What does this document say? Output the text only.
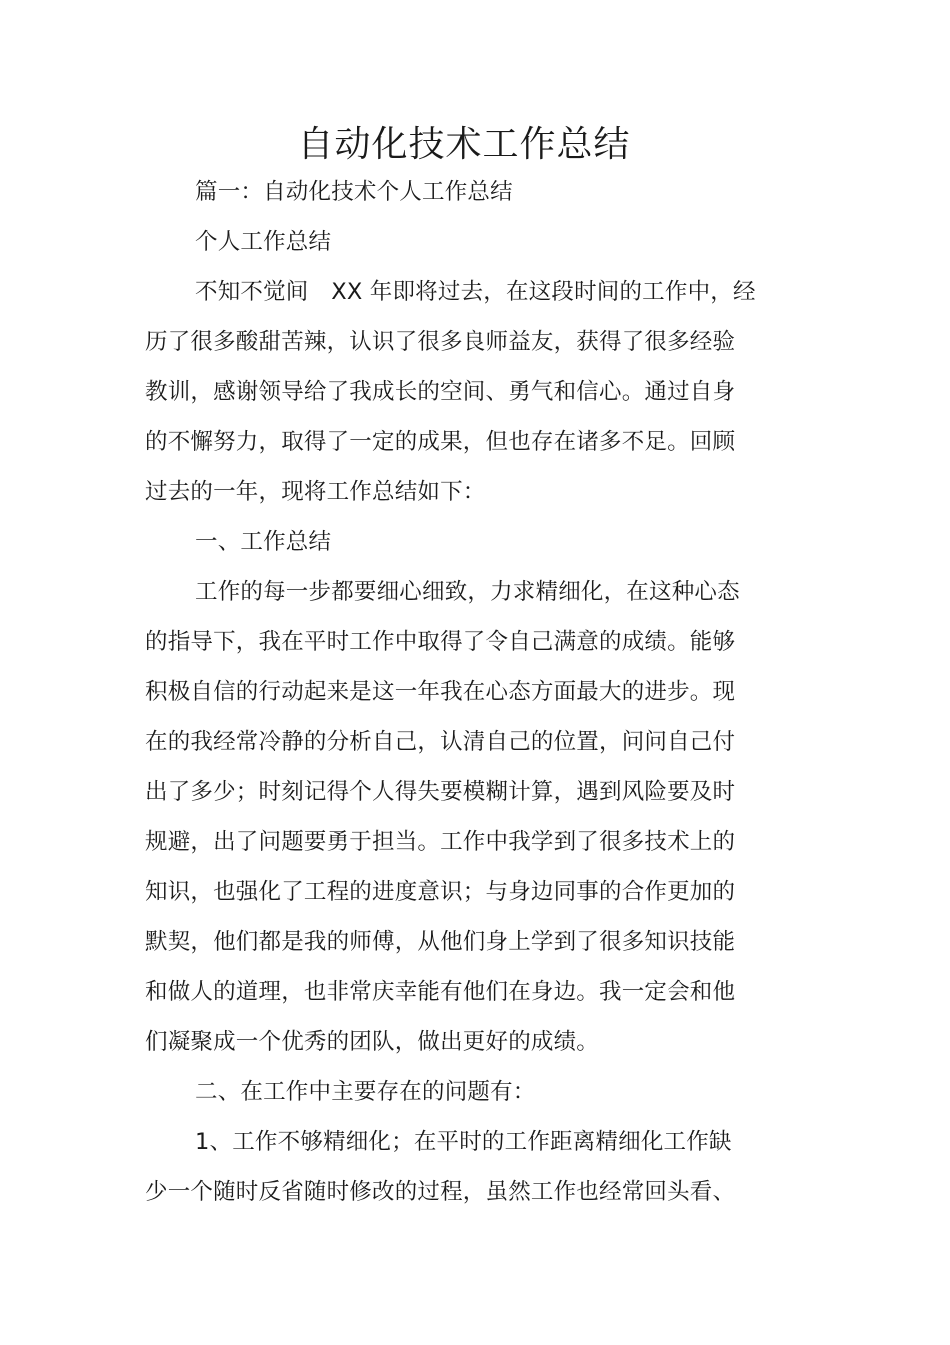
自动化技术工作总结
篇一：自动化技术个人工作总结
个人工作总结
不知不觉间　XX 年即将过去，在这段时间的工作中，经
历了很多酸甜苦辣，认识了很多良师益友，获得了很多经验
教训，感谢领导给了我成长的空间、勇气和信心。通过自身
的不懈努力，取得了一定的成果，但也存在诸多不足。回顾
过去的一年，现将工作总结如下：
一、工作总结
工作的每一步都要细心细致，力求精细化，在这种心态
的指导下，我在平时工作中取得了令自己满意的成绩。能够
积极自信的行动起来是这一年我在心态方面最大的进步。现
在的我经常冷静的分析自己，认清自己的位置，问问自己付
出了多少；时刻记得个人得失要模糊计算，遇到风险要及时
规避，出了问题要勇于担当。工作中我学到了很多技术上的
知识，也强化了工程的进度意识；与身边同事的合作更加的
默契，他们都是我的师傅，从他们身上学到了很多知识技能
和做人的道理，也非常庆幸能有他们在身边。我一定会和他
们凝聚成一个优秀的团队，做出更好的成绩。
二、在工作中主要存在的问题有：
1、工作不够精细化；在平时的工作距离精细化工作缺
少一个随时反省随时修改的过程，虽然工作也经常回头看、
